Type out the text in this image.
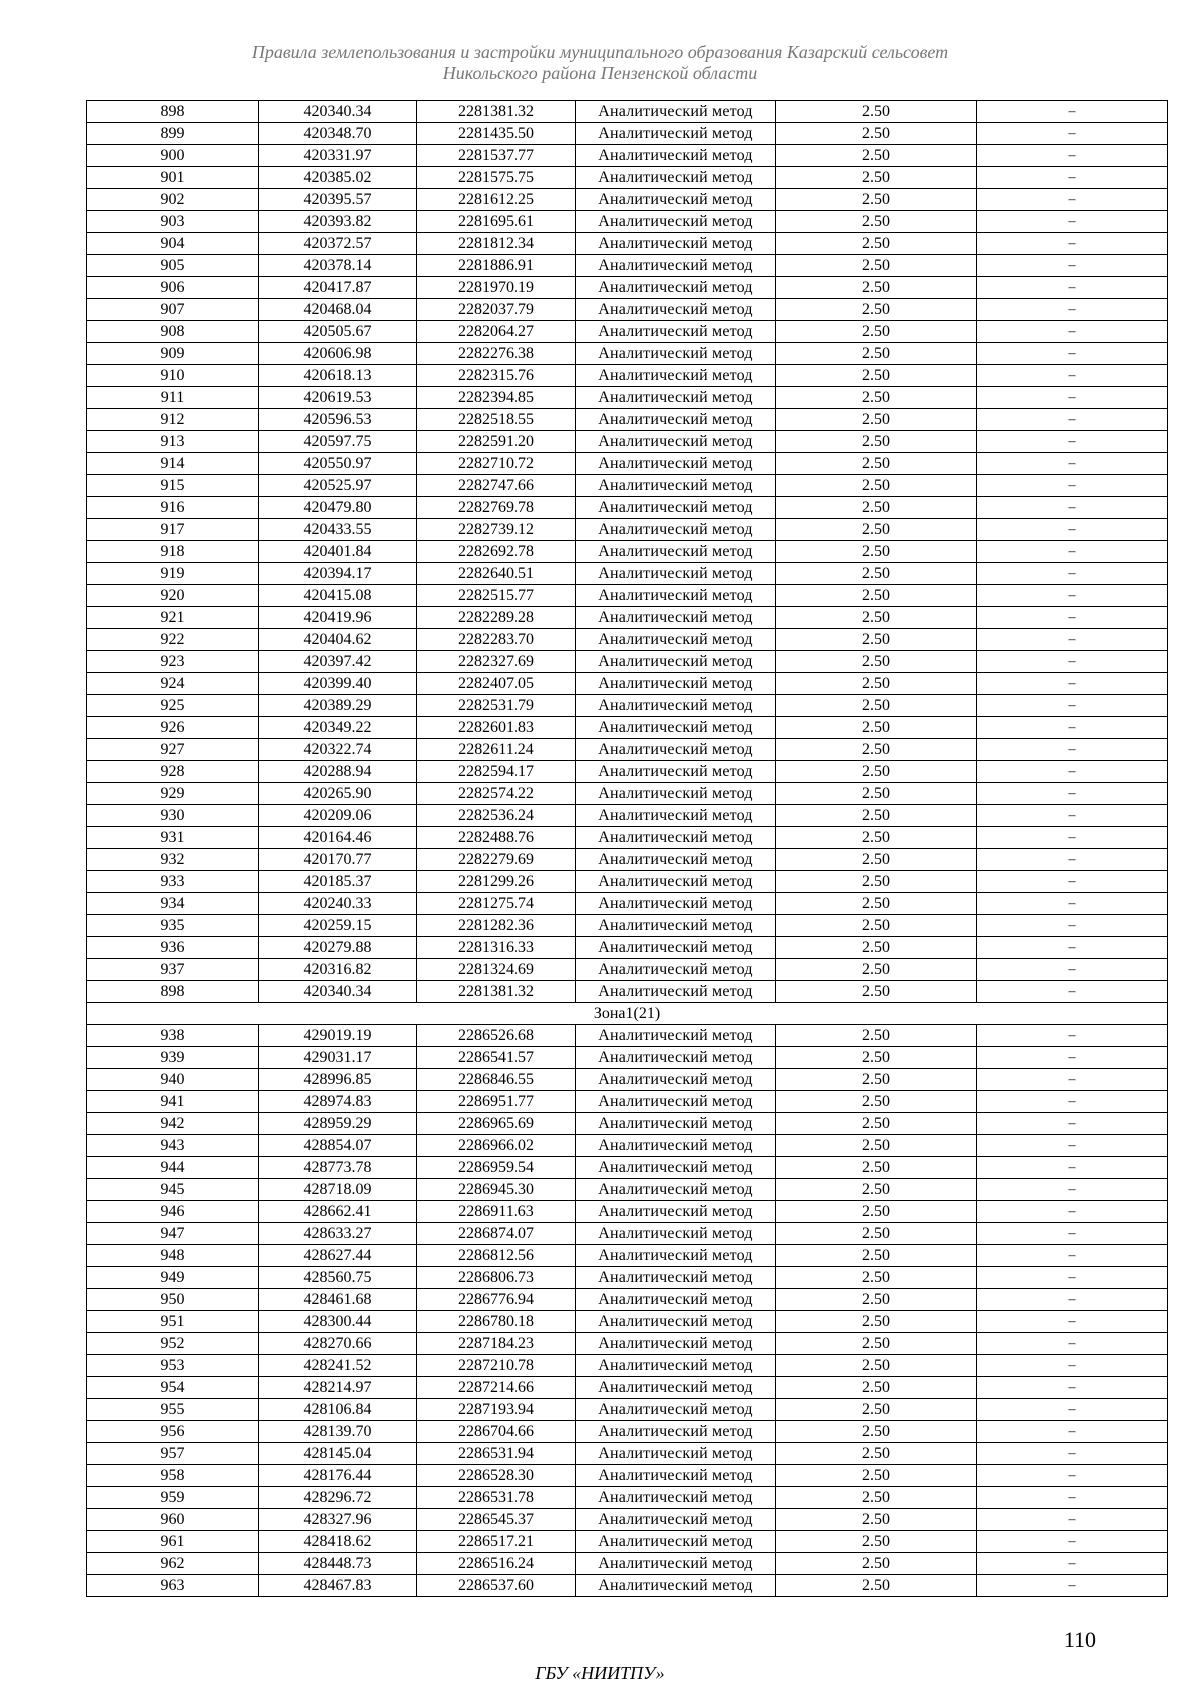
Правила землепользования и застройки муниципального образования Казарский сельсовет
Никольского района Пензенской области
898	420340.34	2281381.32	Аналитический метод	2.50	–
899	420348.70	2281435.50	Аналитический метод	2.50	–
900	420331.97	2281537.77	Аналитический метод	2.50	–
901	420385.02	2281575.75	Аналитический метод	2.50	–
902	420395.57	2281612.25	Аналитический метод	2.50	–
903	420393.82	2281695.61	Аналитический метод	2.50	–
904	420372.57	2281812.34	Аналитический метод	2.50	–
905	420378.14	2281886.91	Аналитический метод	2.50	–
906	420417.87	2281970.19	Аналитический метод	2.50	–
907	420468.04	2282037.79	Аналитический метод	2.50	–
908	420505.67	2282064.27	Аналитический метод	2.50	–
909	420606.98	2282276.38	Аналитический метод	2.50	–
910	420618.13	2282315.76	Аналитический метод	2.50	–
911	420619.53	2282394.85	Аналитический метод	2.50	–
912	420596.53	2282518.55	Аналитический метод	2.50	–
913	420597.75	2282591.20	Аналитический метод	2.50	–
914	420550.97	2282710.72	Аналитический метод	2.50	–
915	420525.97	2282747.66	Аналитический метод	2.50	–
916	420479.80	2282769.78	Аналитический метод	2.50	–
917	420433.55	2282739.12	Аналитический метод	2.50	–
918	420401.84	2282692.78	Аналитический метод	2.50	–
919	420394.17	2282640.51	Аналитический метод	2.50	–
920	420415.08	2282515.77	Аналитический метод	2.50	–
921	420419.96	2282289.28	Аналитический метод	2.50	–
922	420404.62	2282283.70	Аналитический метод	2.50	–
923	420397.42	2282327.69	Аналитический метод	2.50	–
924	420399.40	2282407.05	Аналитический метод	2.50	–
925	420389.29	2282531.79	Аналитический метод	2.50	–
926	420349.22	2282601.83	Аналитический метод	2.50	–
927	420322.74	2282611.24	Аналитический метод	2.50	–
928	420288.94	2282594.17	Аналитический метод	2.50	–
929	420265.90	2282574.22	Аналитический метод	2.50	–
930	420209.06	2282536.24	Аналитический метод	2.50	–
931	420164.46	2282488.76	Аналитический метод	2.50	–
932	420170.77	2282279.69	Аналитический метод	2.50	–
933	420185.37	2281299.26	Аналитический метод	2.50	–
934	420240.33	2281275.74	Аналитический метод	2.50	–
935	420259.15	2281282.36	Аналитический метод	2.50	–
936	420279.88	2281316.33	Аналитический метод	2.50	–
937	420316.82	2281324.69	Аналитический метод	2.50	–
898	420340.34	2281381.32	Аналитический метод	2.50	–
Зона1(21)					
938	429019.19	2286526.68	Аналитический метод	2.50	–
939	429031.17	2286541.57	Аналитический метод	2.50	–
940	428996.85	2286846.55	Аналитический метод	2.50	–
941	428974.83	2286951.77	Аналитический метод	2.50	–
942	428959.29	2286965.69	Аналитический метод	2.50	–
943	428854.07	2286966.02	Аналитический метод	2.50	–
944	428773.78	2286959.54	Аналитический метод	2.50	–
945	428718.09	2286945.30	Аналитический метод	2.50	–
946	428662.41	2286911.63	Аналитический метод	2.50	–
947	428633.27	2286874.07	Аналитический метод	2.50	–
948	428627.44	2286812.56	Аналитический метод	2.50	–
949	428560.75	2286806.73	Аналитический метод	2.50	–
950	428461.68	2286776.94	Аналитический метод	2.50	–
951	428300.44	2286780.18	Аналитический метод	2.50	–
952	428270.66	2287184.23	Аналитический метод	2.50	–
953	428241.52	2287210.78	Аналитический метод	2.50	–
954	428214.97	2287214.66	Аналитический метод	2.50	–
955	428106.84	2287193.94	Аналитический метод	2.50	–
956	428139.70	2286704.66	Аналитический метод	2.50	–
957	428145.04	2286531.94	Аналитический метод	2.50	–
958	428176.44	2286528.30	Аналитический метод	2.50	–
959	428296.72	2286531.78	Аналитический метод	2.50	–
960	428327.96	2286545.37	Аналитический метод	2.50	–
961	428418.62	2286517.21	Аналитический метод	2.50	–
962	428448.73	2286516.24	Аналитический метод	2.50	–
963	428467.83	2286537.60	Аналитический метод	2.50	–
110
ГБУ «НИИТПУ»
